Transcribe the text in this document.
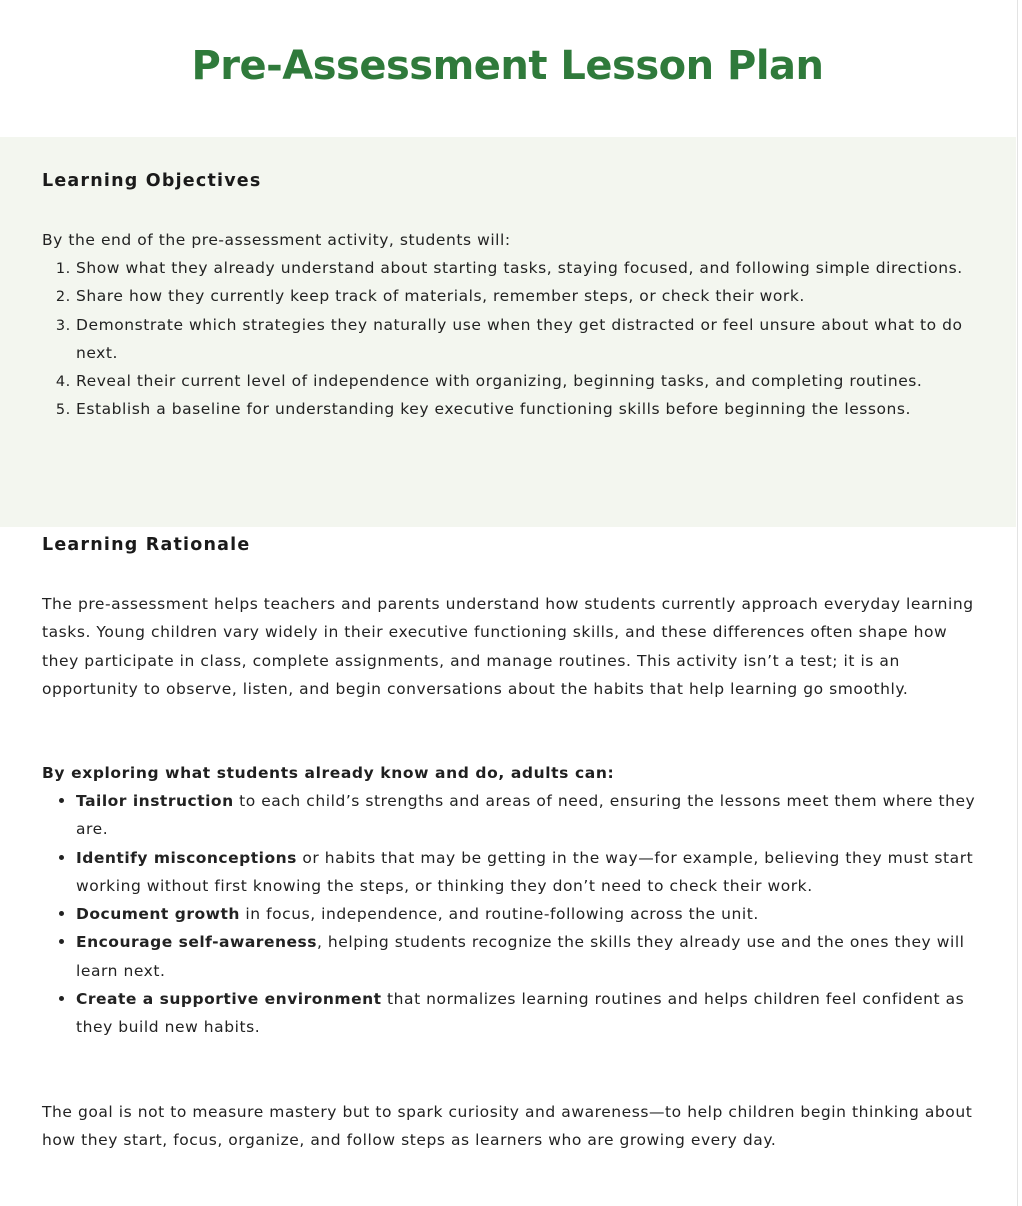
Pre-Assessment Lesson Plan
Learning Objectives
By the end of the pre-assessment activity, students will:
1. Show what they already understand about starting tasks, staying focused, and following simple directions.
2. Share how they currently keep track of materials, remember steps, or check their work.
3. Demonstrate which strategies they naturally use when they get distracted or feel unsure about what to do next.
4. Reveal their current level of independence with organizing, beginning tasks, and completing routines.
5. Establish a baseline for understanding key executive functioning skills before beginning the lessons.
Learning Rationale

The pre-assessment helps teachers and parents understand how students currently approach everyday learning tasks. Young children vary widely in their executive functioning skills, and these differences often shape how they participate in class, complete assignments, and manage routines. This activity isn’t a test; it is an opportunity to observe, listen, and begin conversations about the habits that help learning go smoothly.

By exploring what students already know and do, adults can:

• Tailor instruction to each child’s strengths and areas of need, ensuring the lessons meet them where they are.
• Identify misconceptions or habits that may be getting in the way—for example, believing they must start working without first knowing the steps, or thinking they don’t need to check their work.
• Document growth in focus, independence, and routine-following across the unit.
• Encourage self-awareness, helping students recognize the skills they already use and the ones they will learn next.
• Create a supportive environment that normalizes learning routines and helps children feel confident as they build new habits.

The goal is not to measure mastery but to spark curiosity and awareness—to help children begin thinking about how they start, focus, organize, and follow steps as learners who are growing every day.
